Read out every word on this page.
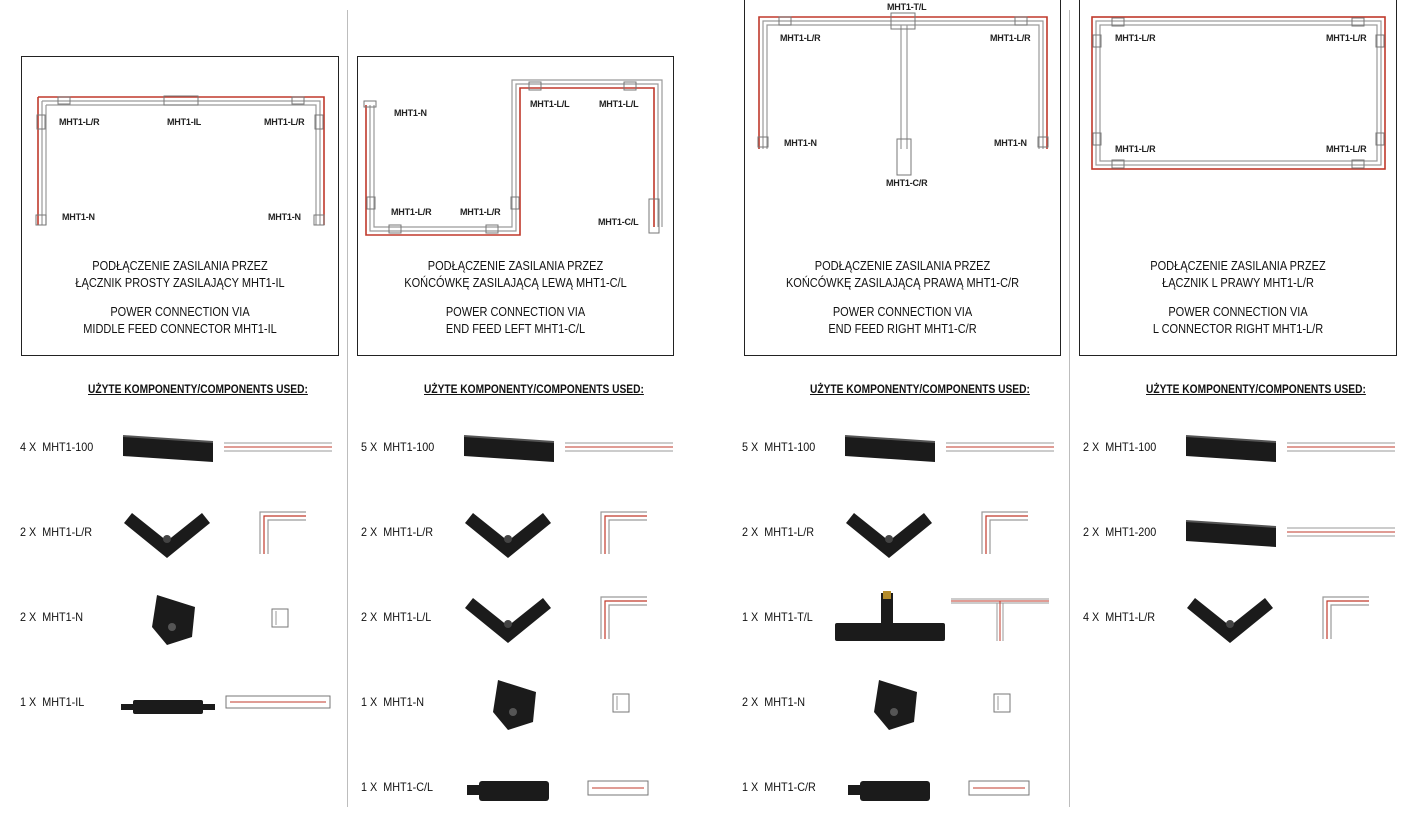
MHT1-L/R	MHT1-IL	MHT1-L/R
MHT1-N	MHT1-N
PODŁĄCZENIE ZASILANIA PRZEZ
ŁĄCZNIK PROSTY ZASILAJĄCY MHT1-IL
POWER CONNECTION VIA
MIDDLE FEED CONNECTOR MHT1-IL
UŻYTE KOMPONENTY/COMPONENTS USED:
MHT1-N
MHT1-L/L	MHT1-L/L
MHT1-L/R	MHT1-L/R
MHT1-C/L
PODŁĄCZENIE ZASILANIA PRZEZ
KOŃCÓWKĘ ZASILAJĄCĄ LEWĄ MHT1-C/L
POWER CONNECTION VIA
END FEED LEFT MHT1-C/L
UŻYTE KOMPONENTY/COMPONENTS USED:
MHT1-T/L
MHT1-L/R	MHT1-L/R
MHT1-N	MHT1-N
MHT1-C/R
PODŁĄCZENIE ZASILANIA PRZEZ
KOŃCÓWKĘ ZASILAJĄCĄ PRAWĄ MHT1-C/R
POWER CONNECTION VIA
END FEED RIGHT MHT1-C/R
UŻYTE KOMPONENTY/COMPONENTS USED:
MHT1-L/R	MHT1-L/R
MHT1-L/R	MHT1-L/R
PODŁĄCZENIE ZASILANIA PRZEZ
ŁĄCZNIK L PRAWY MHT1-L/R
POWER CONNECTION VIA
L CONNECTOR RIGHT MHT1-L/R
UŻYTE KOMPONENTY/COMPONENTS USED:
4 X  MHT1-100
2 X  MHT1-L/R
2 X  MHT1-N
1 X  MHT1-IL
5 X  MHT1-100
2 X  MHT1-L/R
2 X  MHT1-L/L
1 X  MHT1-N
1 X  MHT1-C/L
5 X  MHT1-100
2 X  MHT1-L/R
1 X  MHT1-T/L
2 X  MHT1-N
1 X  MHT1-C/R
2 X  MHT1-100
2 X  MHT1-200
4 X  MHT1-L/R
